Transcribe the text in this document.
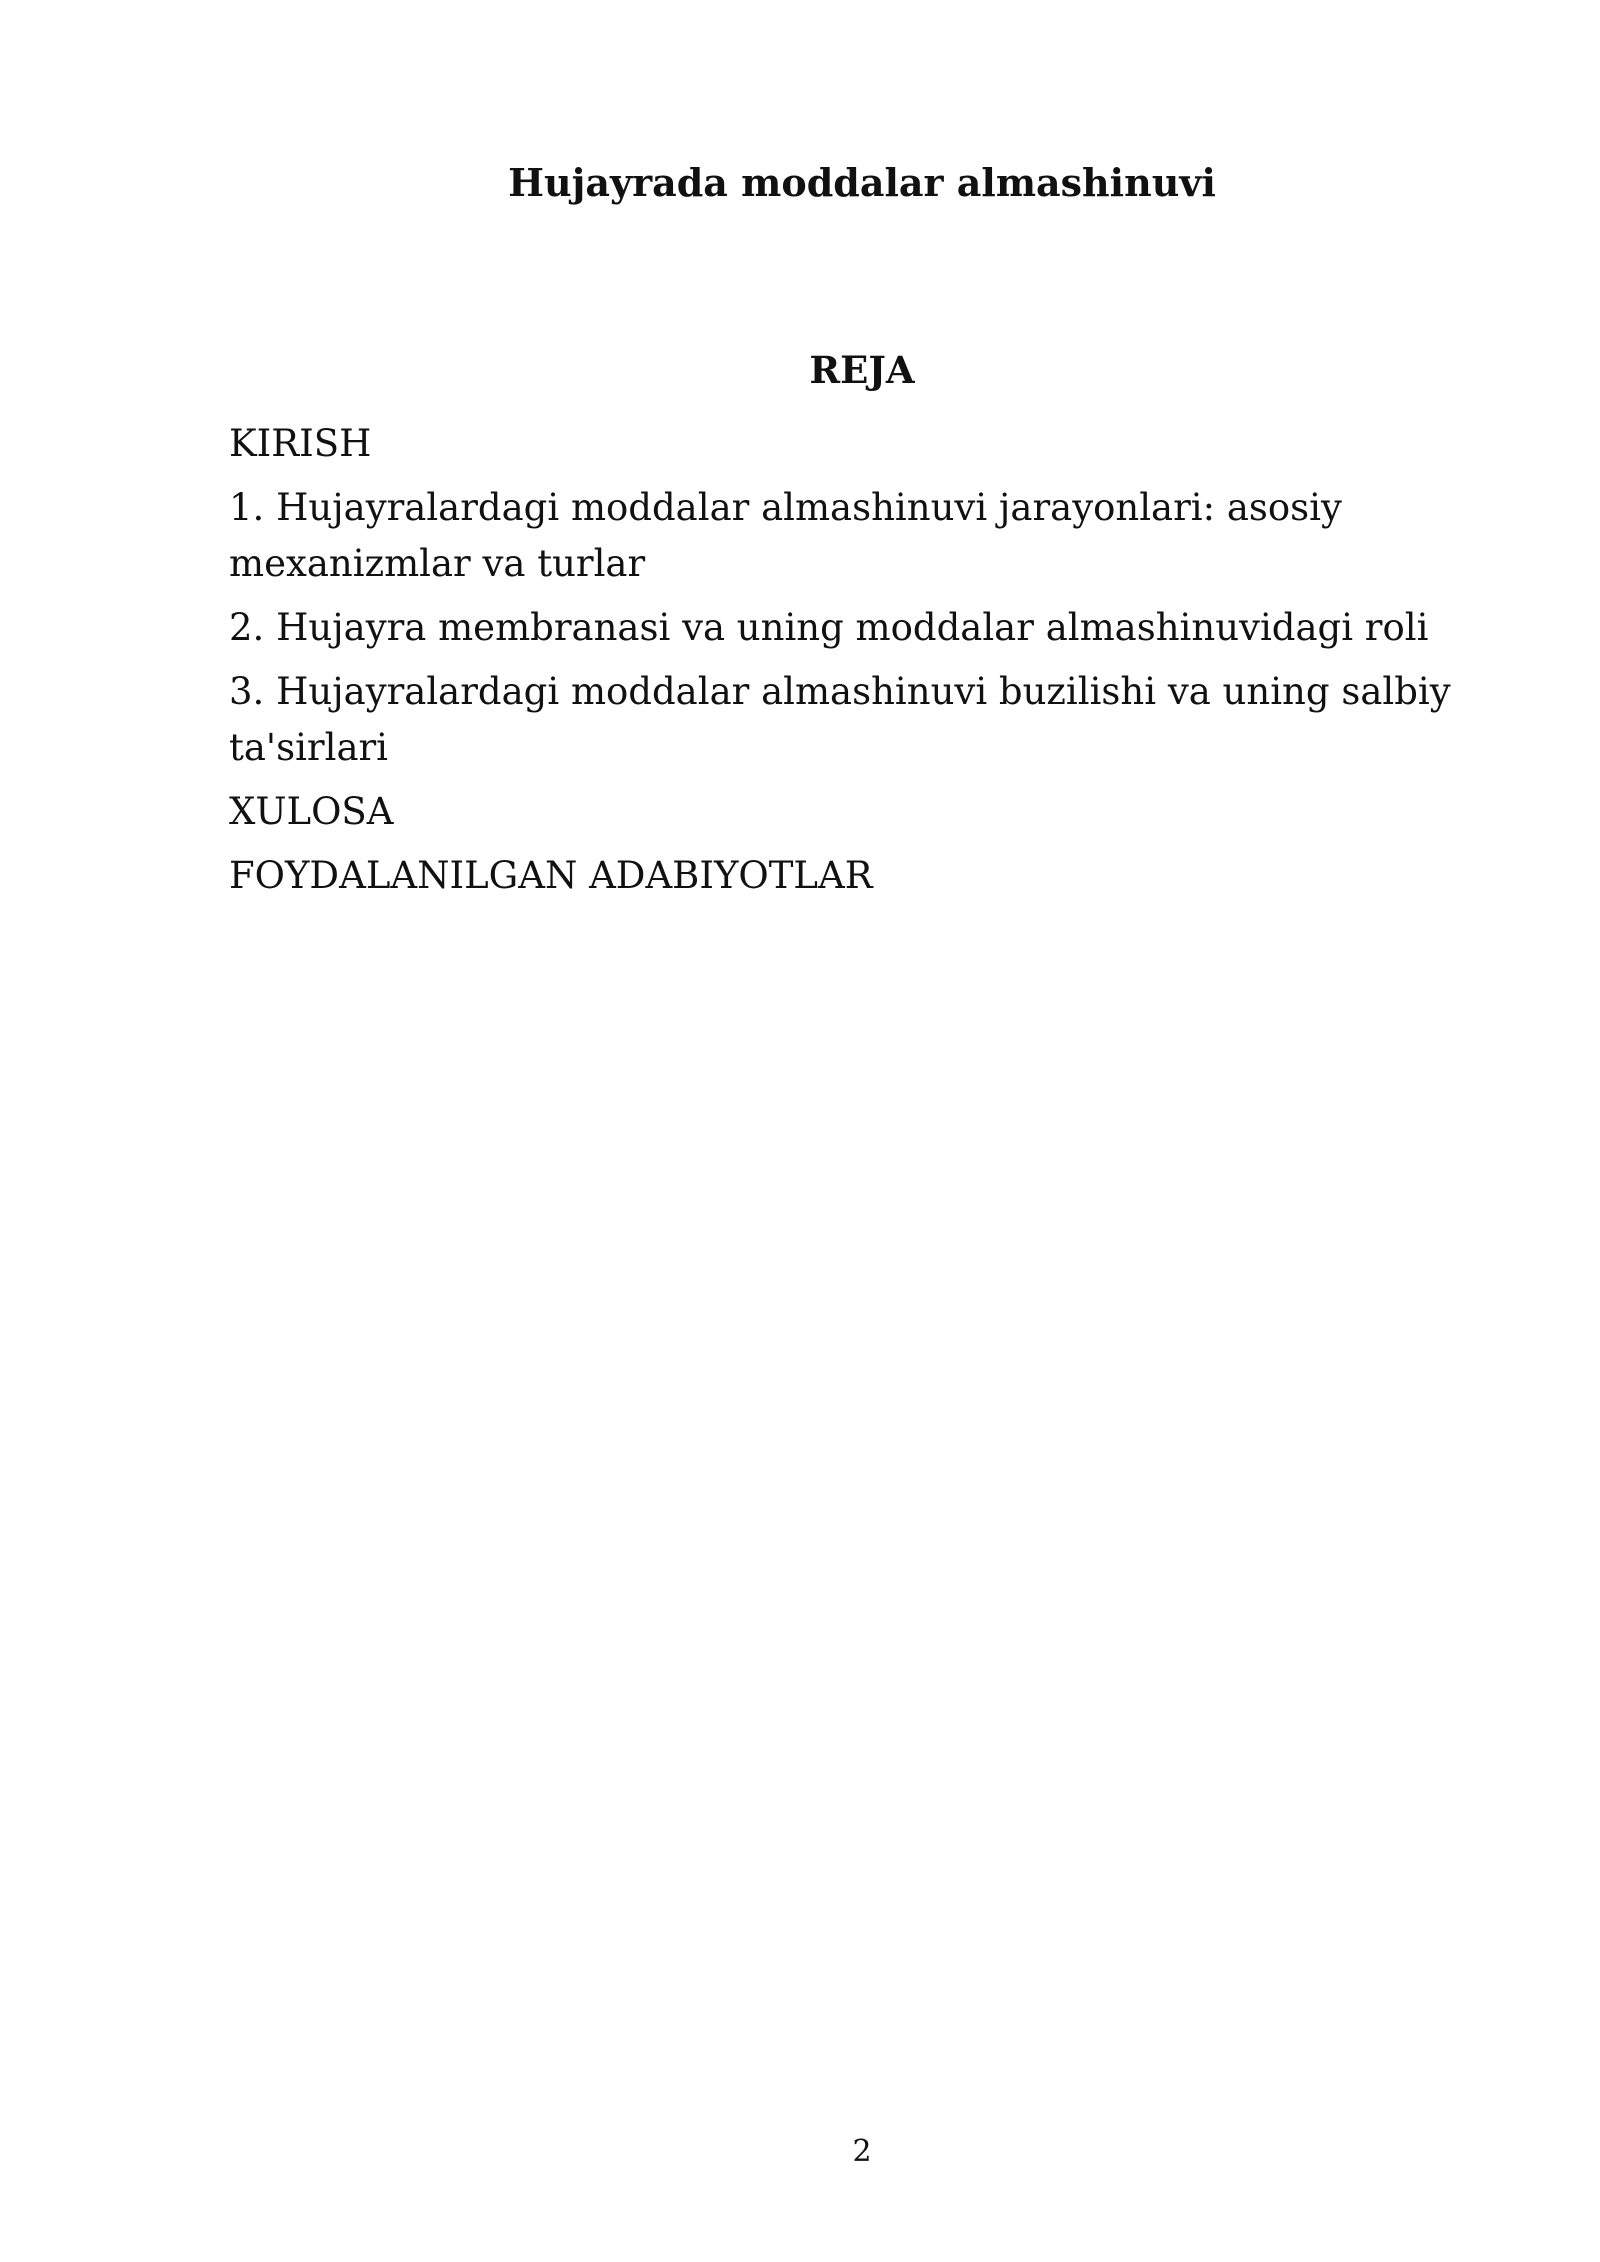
Hujayrada moddalar almashinuvi
REJA
KIRISH
1. Hujayralardagi moddalar almashinuvi jarayonlari: asosiy mexanizmlar va turlar
2. Hujayra membranasi va uning moddalar almashinuvidagi roli
3. Hujayralardagi moddalar almashinuvi buzilishi va uning salbiy ta'sirlari
XULOSA
FOYDALANILGAN ADABIYOTLAR
2
